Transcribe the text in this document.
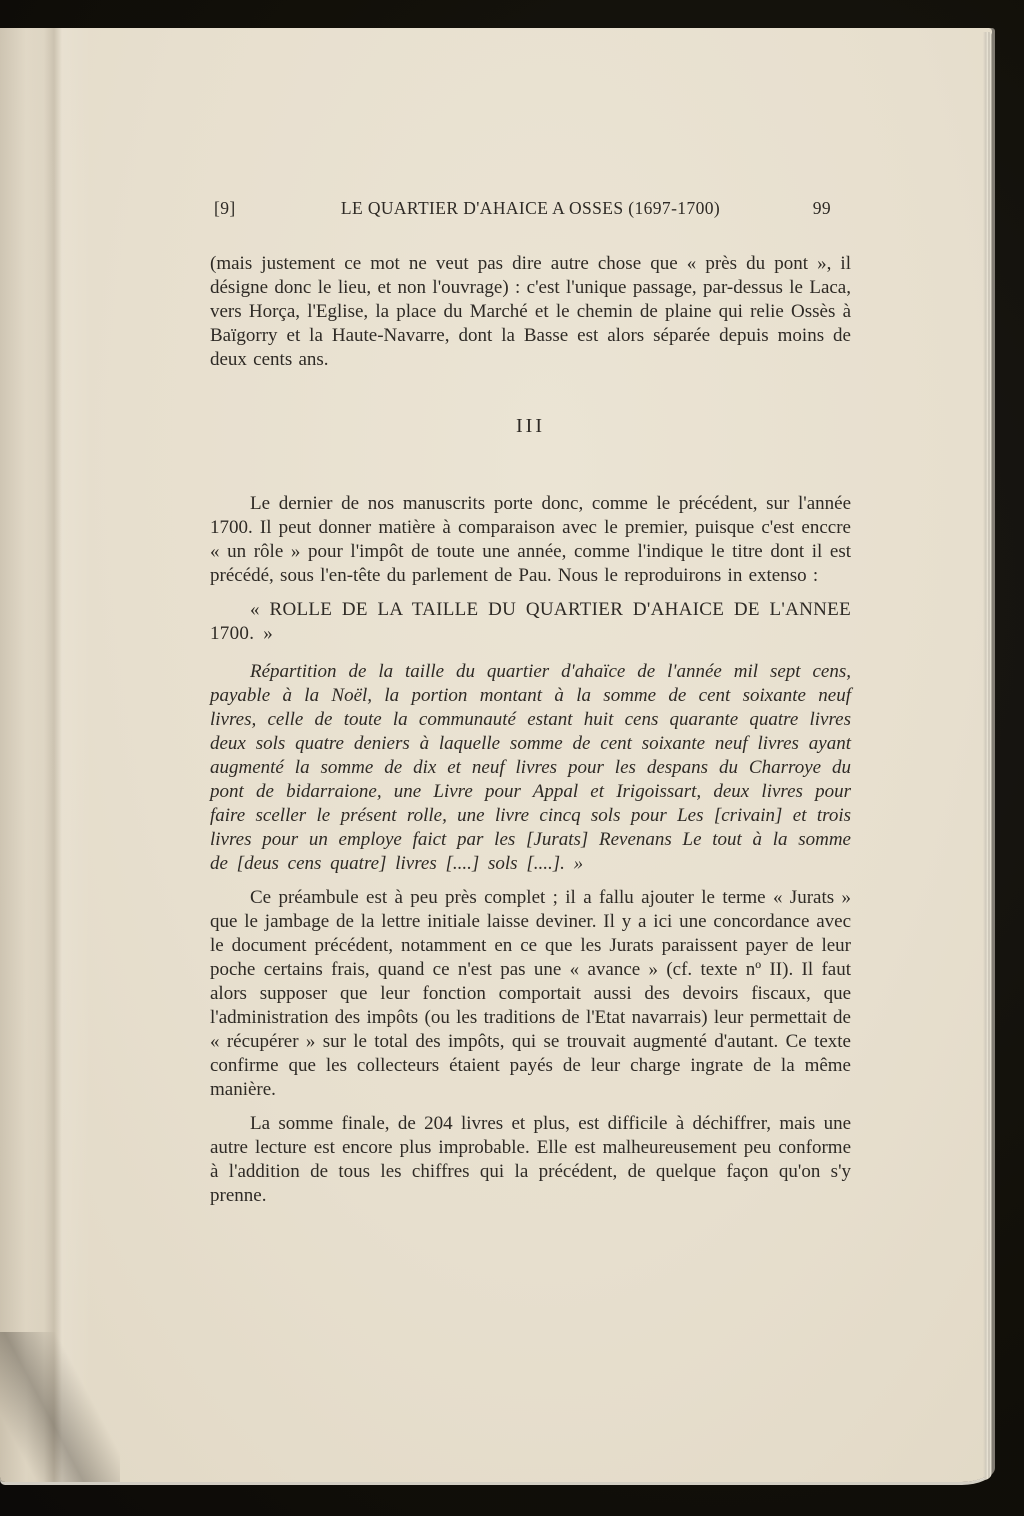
[9]	LE QUARTIER D'AHAICE A OSSES (1697-1700)	99

(mais justement ce mot ne veut pas dire autre chose que « près du pont », il désigne donc le lieu, et non l'ouvrage) : c'est l'unique passage, par-dessus le Laca, vers Horça, l'Eglise, la place du Marché et le chemin de plaine qui relie Ossès à Baïgorry et la Haute-Navarre, dont la Basse est alors séparée depuis moins de deux cents ans.

III

Le dernier de nos manuscrits porte donc, comme le précédent, sur l'année 1700. Il peut donner matière à comparaison avec le premier, puisque c'est enccre « un rôle » pour l'impôt de toute une année, comme l'indique le titre dont il est précédé, sous l'en-tête du parlement de Pau. Nous le reproduirons in extenso :

« ROLLE DE LA TAILLE DU QUARTIER D'AHAICE DE L'ANNEE 1700. »

Répartition de la taille du quartier d'ahaïce de l'année mil sept cens, payable à la Noël, la portion montant à la somme de cent soixante neuf livres, celle de toute la communauté estant huit cens quarante quatre livres deux sols quatre deniers à laquelle somme de cent soixante neuf livres ayant augmenté la somme de dix et neuf livres pour les despans du Charroye du pont de bidarraione, une Livre pour Appal et Irigoissart, deux livres pour faire sceller le présent rolle, une livre cincq sols pour Les [crivain] et trois livres pour un employe faict par les [Jurats] Revenans Le tout à la somme de [deus cens quatre] livres [....] sols [....]. »

Ce préambule est à peu près complet ; il a fallu ajouter le terme « Jurats » que le jambage de la lettre initiale laisse deviner. Il y a ici une concordance avec le document précédent, notamment en ce que les Jurats paraissent payer de leur poche certains frais, quand ce n'est pas une « avance » (cf. texte nº II). Il faut alors supposer que leur fonction comportait aussi des devoirs fiscaux, que l'administration des impôts (ou les traditions de l'Etat navarrais) leur permettait de « récupérer » sur le total des impôts, qui se trouvait augmenté d'autant. Ce texte confirme que les collecteurs étaient payés de leur charge ingrate de la même manière.

La somme finale, de 204 livres et plus, est difficile à déchiffrer, mais une autre lecture est encore plus improbable. Elle est malheureusement peu conforme à l'addition de tous les chiffres qui la précédent, de quelque façon qu'on s'y prenne.
